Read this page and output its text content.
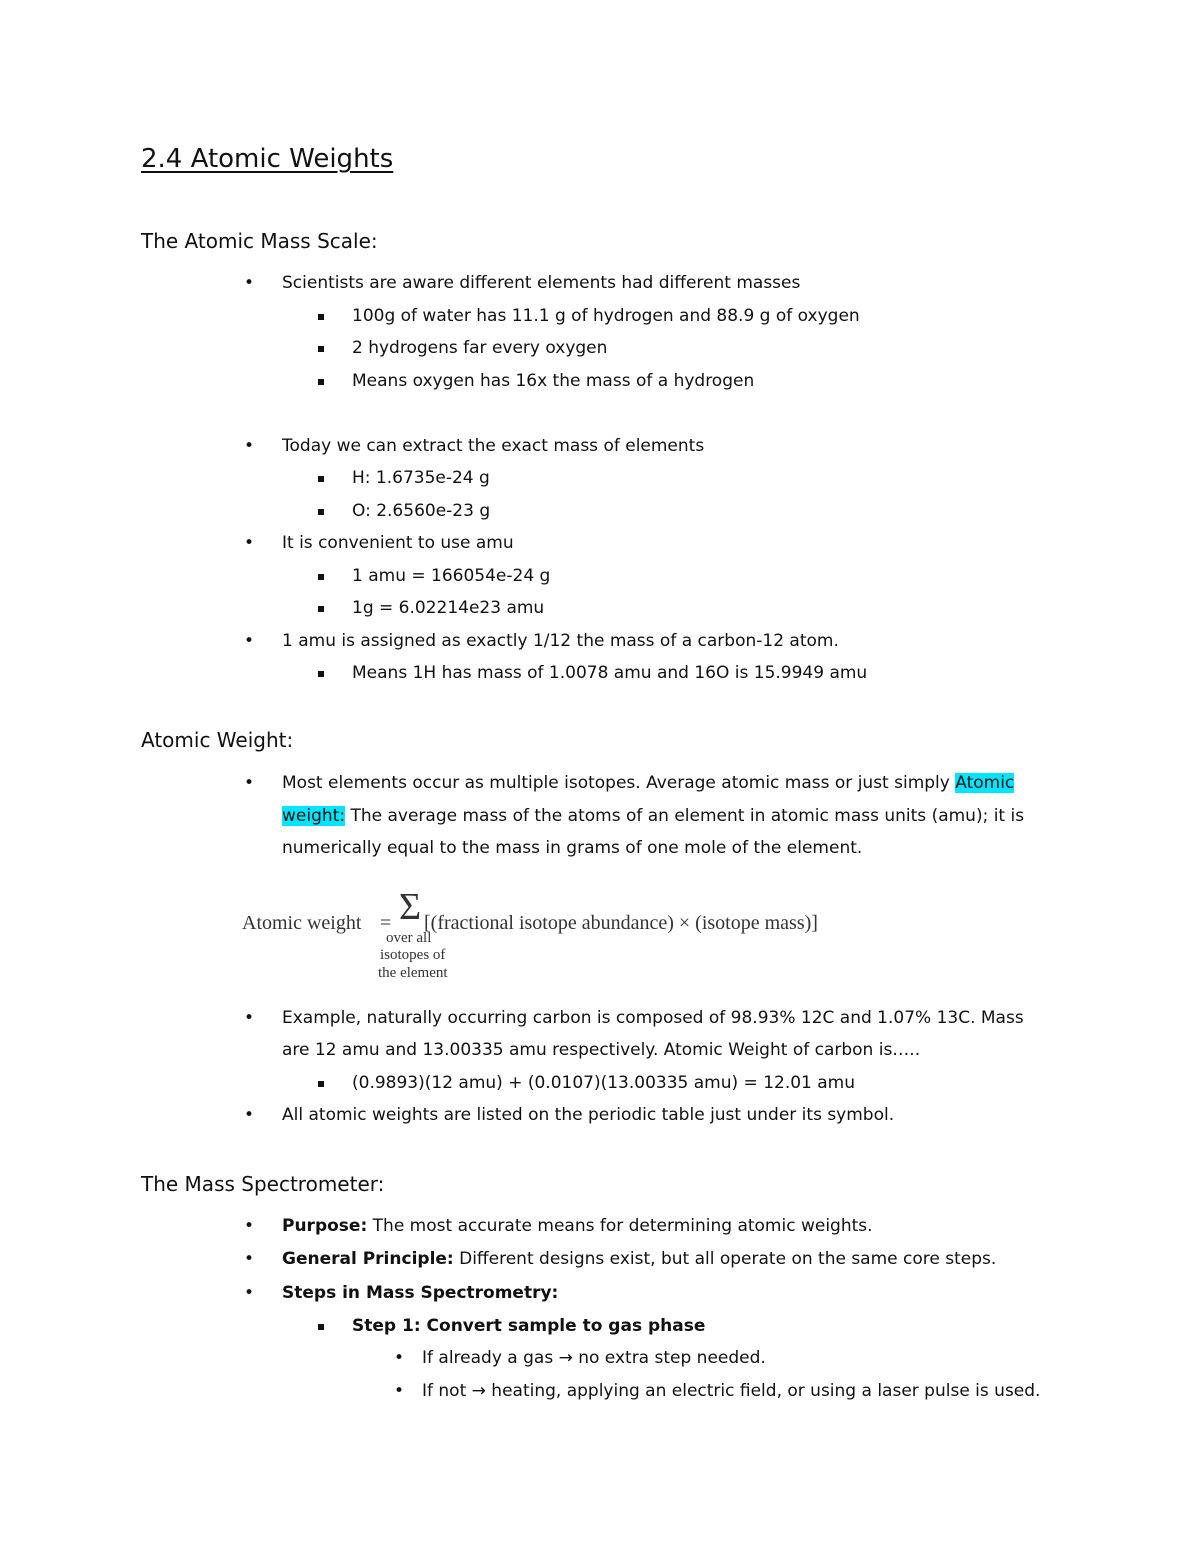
2.4 Atomic Weights
The Atomic Mass Scale:
•
Scientists are aware different elements had different masses
100g of water has 11.1 g of hydrogen and 88.9 g of oxygen
2 hydrogens far every oxygen
Means oxygen has 16x the mass of a hydrogen
•
Today we can extract the exact mass of elements
H: 1.6735e-24 g
O: 2.6560e-23 g
•
It is convenient to use amu
1 amu = 166054e-24 g
1g = 6.02214e23 amu
•
1 amu is assigned as exactly 1/12 the mass of a carbon-12 atom.
Means 1H has mass of 1.0078 amu and 16O is 15.9949 amu
Atomic Weight:
•
Most elements occur as multiple isotopes. Average atomic mass or just simply Atomic
weight: The average mass of the atoms of an element in atomic mass units (amu); it is
numerically equal to the mass in grams of one mole of the element.
Atomic weight = Σ [(fractional isotope abundance) × (isotope mass)]
over all
isotopes of
the element
•
Example, naturally occurring carbon is composed of 98.93% 12C and 1.07% 13C. Mass
are 12 amu and 13.00335 amu respectively. Atomic Weight of carbon is…..
(0.9893)(12 amu) + (0.0107)(13.00335 amu) = 12.01 amu
•
All atomic weights are listed on the periodic table just under its symbol.
The Mass Spectrometer:
•
Purpose: The most accurate means for determining atomic weights.
•
General Principle: Different designs exist, but all operate on the same core steps.
•
Steps in Mass Spectrometry:
Step 1: Convert sample to gas phase
•
If already a gas → no extra step needed.
•
If not → heating, applying an electric field, or using a laser pulse is used.
